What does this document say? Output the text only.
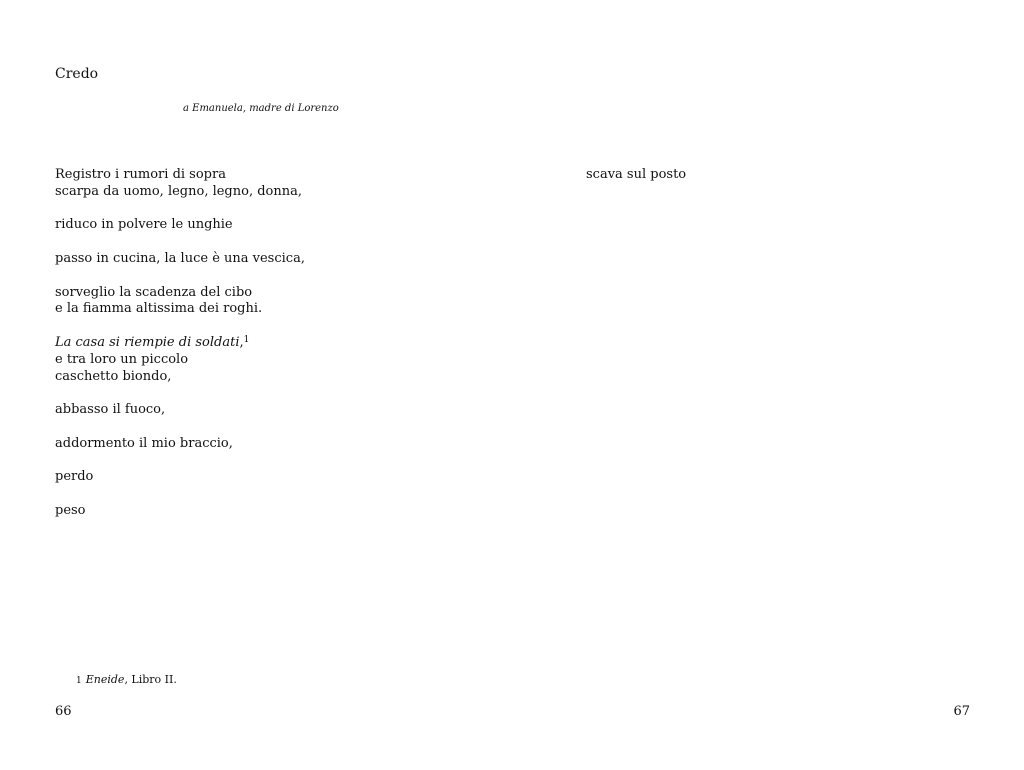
Credo
a Emanuela, madre di Lorenzo
Registro i rumori di sopra
scarpa da uomo, legno, legno, donna,
riduco in polvere le unghie
passo in cucina, la luce è una vescica,
sorveglio la scadenza del cibo
e la fiamma altissima dei roghi.
La casa si riempie di soldati,$^1$
e tra loro un piccolo
caschetto biondo,
abbasso il fuoco,
addormento il mio braccio,
perdo
peso
1 Eneide, Libro II.
66
scava sul posto
67
